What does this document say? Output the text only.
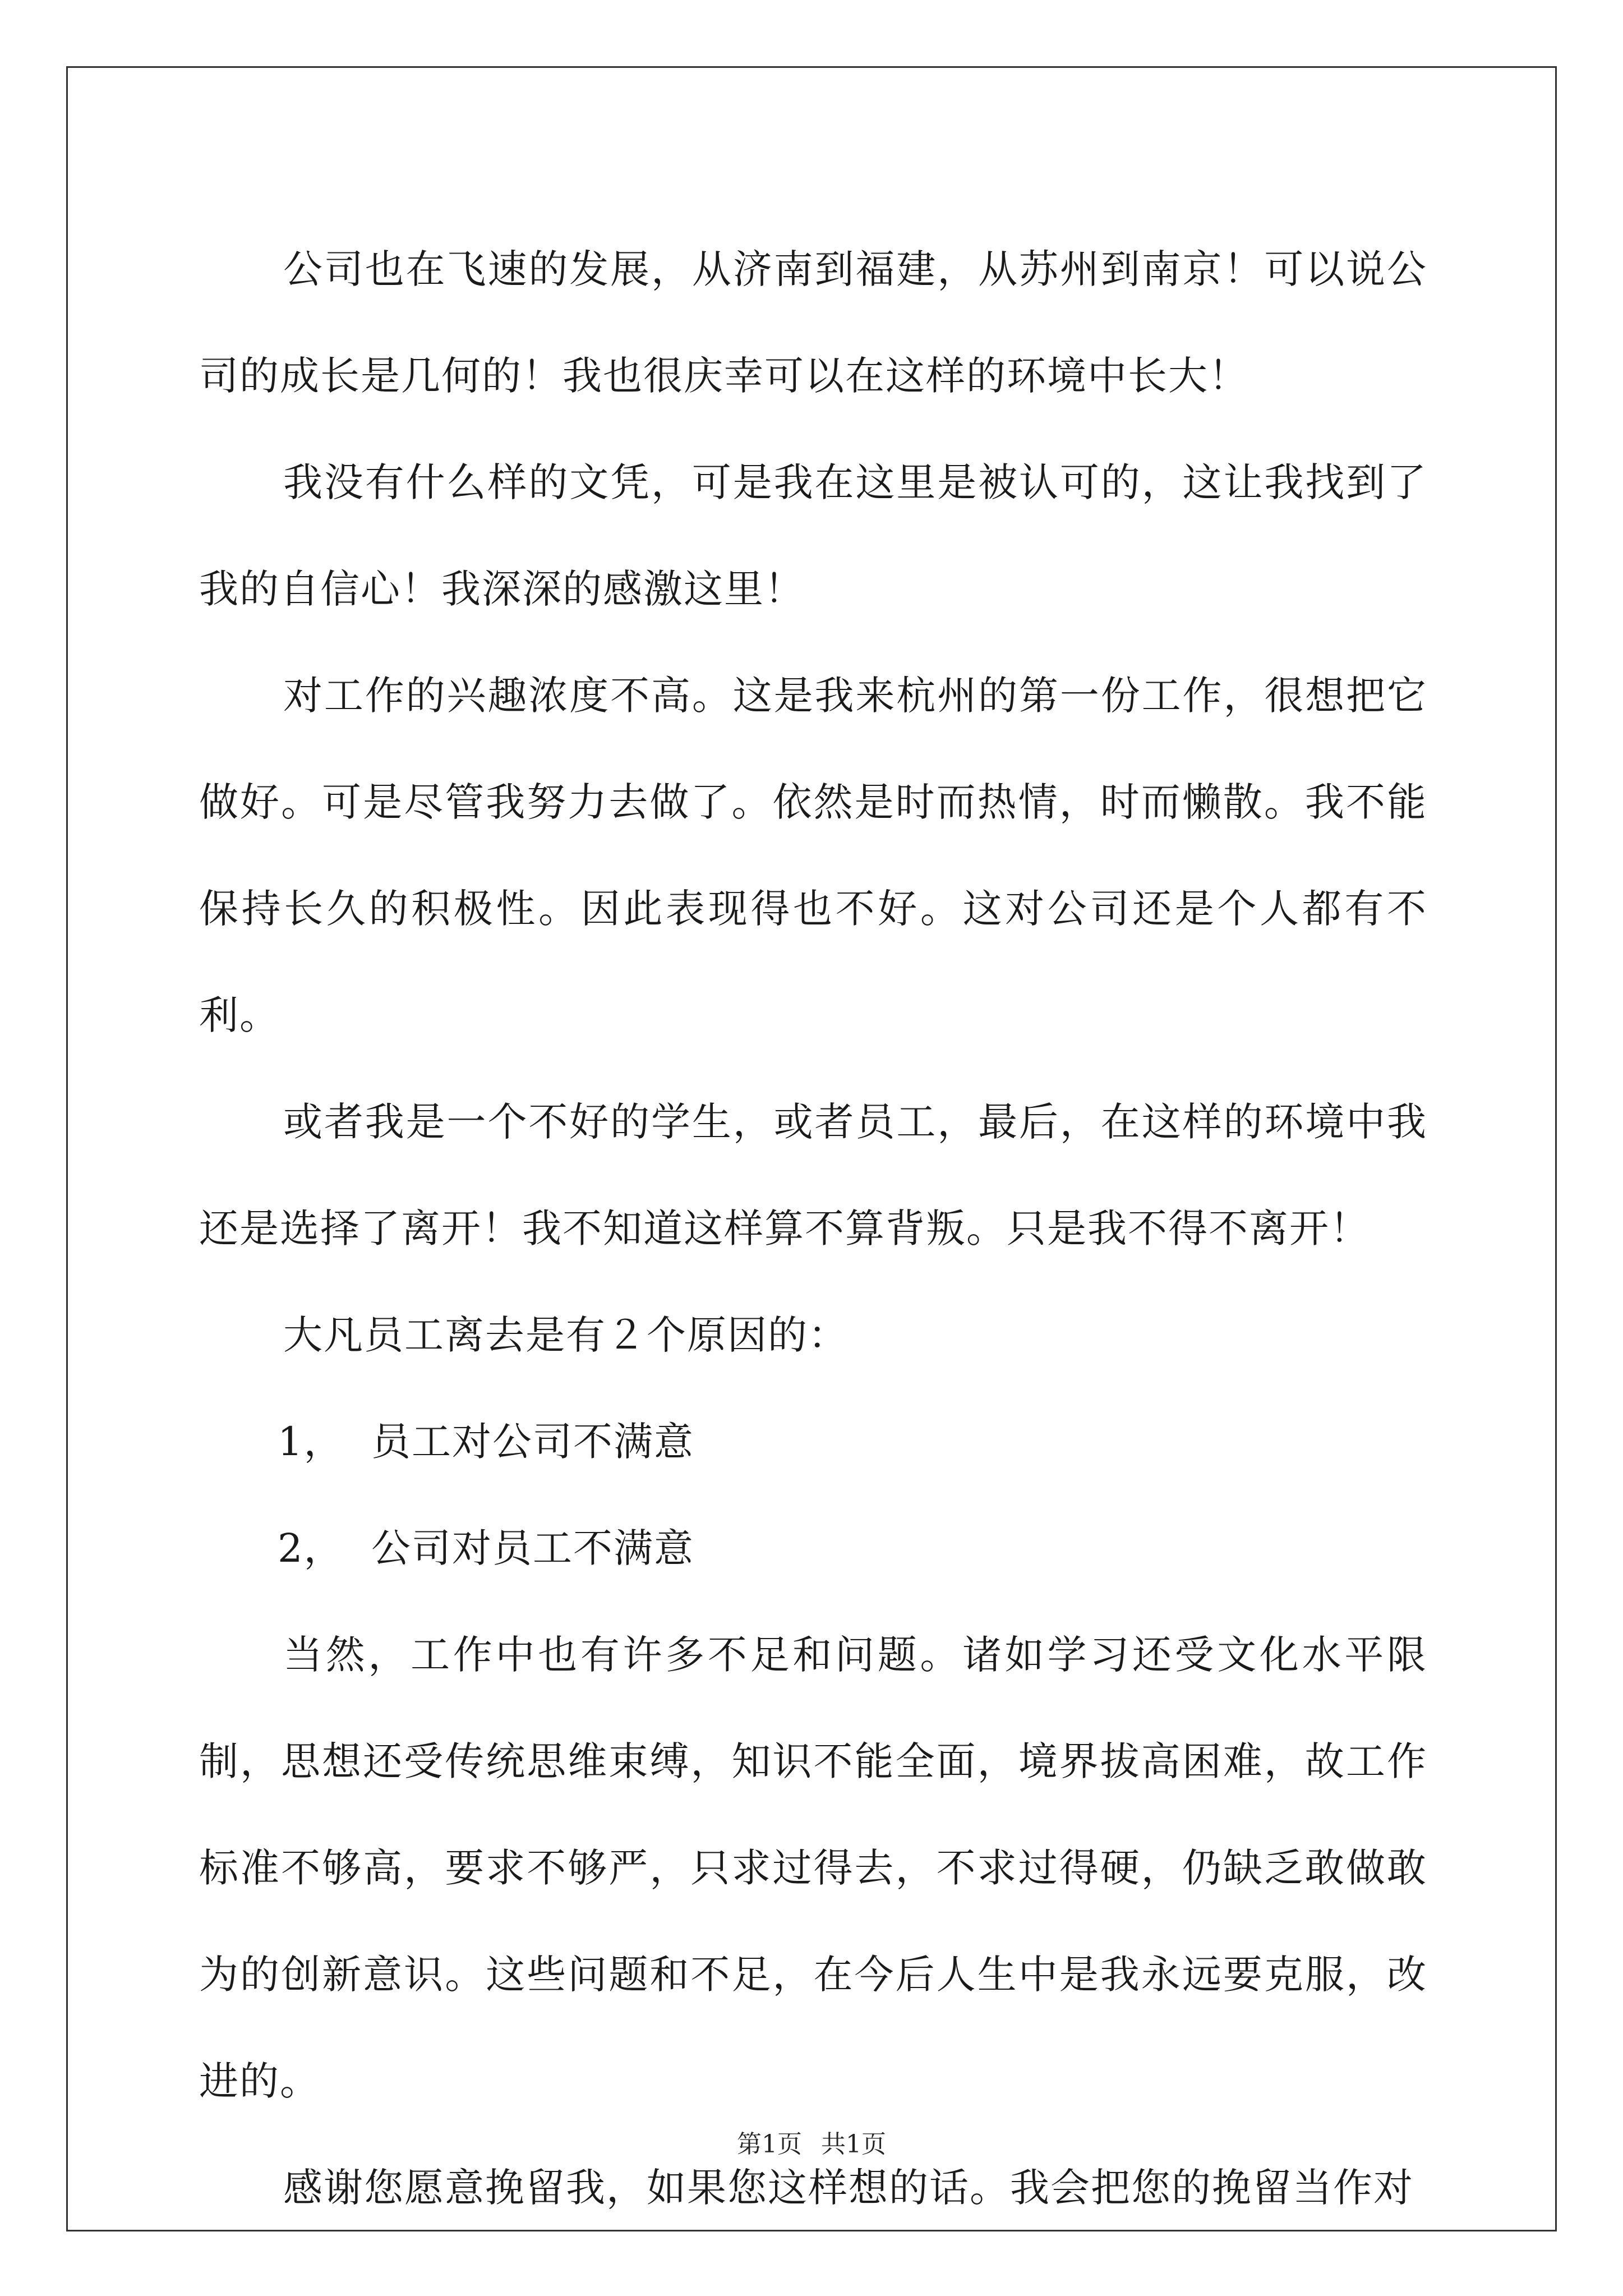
公司也在飞速的发展，从济南到福建，从苏州到南京！可以说公司的成长是几何的！我也很庆幸可以在这样的环境中长大！

我没有什么样的文凭，可是我在这里是被认可的，这让我找到了我的自信心！我深深的感激这里！

对工作的兴趣浓度不高。这是我来杭州的第一份工作，很想把它做好。可是尽管我努力去做了。依然是时而热情，时而懒散。我不能保持长久的积极性。因此表现得也不好。这对公司还是个人都有不利。

或者我是一个不好的学生，或者员工，最后，在这样的环境中我还是选择了离开！我不知道这样算不算背叛。只是我不得不离开！

大凡员工离去是有２个原因的：

1，  员工对公司不满意

2，  公司对员工不满意

当然，工作中也有许多不足和问题。诸如学习还受文化水平限制，思想还受传统思维束缚，知识不能全面，境界拔高困难，故工作标准不够高，要求不够严，只求过得去，不求过得硬，仍缺乏敢做敢为的创新意识。这些问题和不足，在今后人生中是我永远要克服，改进的。

感谢您愿意挽留我，如果您这样想的话。我会把您的挽留当作对

第1页 共1页
